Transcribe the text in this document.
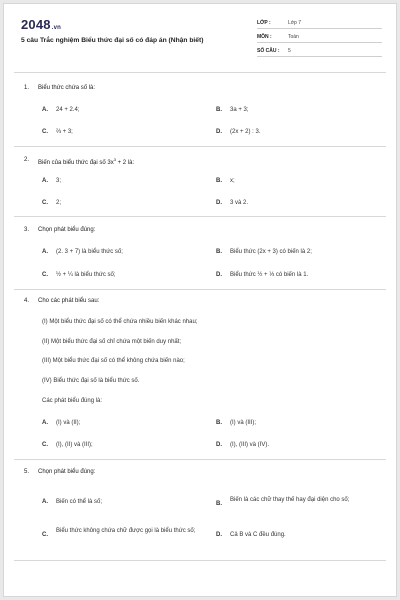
2048.vn
5 câu Trắc nghiệm Biểu thức đại số có đáp án (Nhận biết)
LỚP :	Lớp 7
MÔN :	Toán
SỐ CÂU : 5
1. Biểu thức chứa số là:
A. 24 + 2.4;	B. 3a + 3;
C. ⅔ + 3;	D. (2x + 2) : 3.
2. Biến của biểu thức đại số $3x^3 + 2$ là:
A. 3;	B. x;
C. 2;	D. 3 và 2.
3. Chọn phát biểu đúng:
A. (2. 3 + 7) là biểu thức số;	B. Biểu thức (2x + 3) có biến là 2;
C. ½ + ¼ là biểu thức số;	D. Biểu thức ½ + ⅓ có biến là 1.
4. Cho các phát biểu sau:
(I) Một biểu thức đại số có thể chứa nhiều biến khác nhau;
(II) Một biểu thức đại số chỉ chứa một biến duy nhất;
(III) Một biểu thức đại số có thể không chứa biến nào;
(IV) Biểu thức đại số là biểu thức số.
Các phát biểu đúng là:
A. (I) và (II);	B. (I) và (III);
C. (I), (II) và (III);	D. (I), (III) và (IV).
5. Chọn phát biểu đúng:
A. Biến có thể là số;	B.
Biến là các chữ thay thế hay đại diện cho số;
C.
Biểu thức không chứa chữ được gọi là biểu thức số;
D. Cả B và C đều đúng.
